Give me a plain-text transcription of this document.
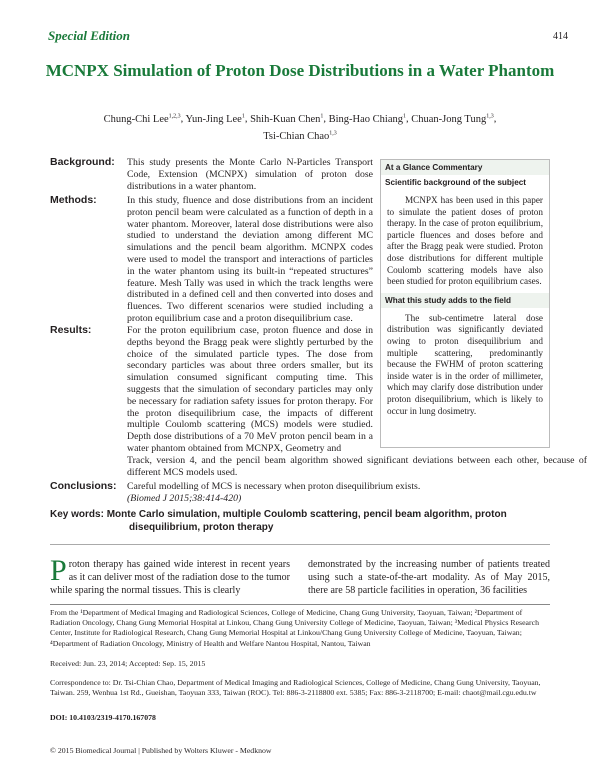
Special Edition	414
MCNPX Simulation of Proton Dose Distributions in a Water Phantom
Chung-Chi Lee$^{1,2,3}$, Yun-Jing Lee$^1$, Shih-Kuan Chen$^1$, Bing-Hao Chiang$^1$, Chuan-Jong Tung$^{1,3}$,
Tsi-Chian Chao$^{1,3}$
Background:
Methods:
Results:
Conclusions:
This study presents the Monte Carlo N-Particles Transport Code, Extension (MCNPX) simulation of proton dose distributions in a water phantom.
In this study, fluence and dose distributions from an incident proton pencil beam were calculated as a function of depth in a water phantom. Moreover, lateral dose distributions were also studied to understand the deviation among different MC simulations and the pencil beam algorithm. MCNPX codes were used to model the transport and interactions of particles in the water phantom using its built-in “repeated structures” feature. Mesh Tally was used in which the track lengths were distributed in a defined cell and then converted into doses and fluences. Two different scenarios were studied including a proton equilibrium case and a proton disequilibrium case.
For the proton equilibrium case, proton fluence and dose in depths beyond the Bragg peak were slightly perturbed by the choice of the simulated particle types. The dose from secondary particles was about three orders smaller, but its simulation consumed significant computing time. This suggests that the simulation of secondary particles may only be necessary for radiation safety issues for proton therapy. For the proton disequilibrium case, the impacts of different multiple Coulomb scattering (MCS) models were studied. Depth dose distributions of a 70 MeV proton pencil beam in a water phantom obtained from MCNPX, Geometry and
Track, version 4, and the pencil beam algorithm showed significant deviations between each other, because of different MCS models used.
Careful modelling of MCS is necessary when proton disequilibrium exists.
(Biomed J 2015;38:414-420)
At a Glance Commentary
Scientific background of the subject
MCNPX has been used in this paper to simulate the patient doses of proton therapy. In the case of proton equilibrium, particle fluences and doses before and after the Bragg peak were studied. Proton dose distributions for different multiple Coulomb scattering models have also been studied for proton equilibrium cases.
What this study adds to the field
The sub-centimetre lateral dose distribution was significantly deviated owing to proton disequilibrium and multiple scattering, predominantly because the FWHM of proton scattering inside water is in the order of millimeter, which may clarify dose distribution under proton disequilibrium, which is likely to occur in lung dosimetry.
Key words: Monte Carlo simulation, multiple Coulomb scattering, pencil beam algorithm, proton
disequilibrium, proton therapy
Proton therapy has gained wide interest in recent years as it can deliver most of the radiation dose to the tumor while sparing the normal tissues. This is clearly
demonstrated by the increasing number of patients treated using such a state-of-the-art modality. As of May 2015, there are 58 particle facilities in operation, 36 facilities
From the ¹Department of Medical Imaging and Radiological Sciences, College of Medicine, Chang Gung University, Taoyuan, Taiwan; ²Department of Radiation Oncology, Chang Gung Memorial Hospital at Linkou, Chang Gung University College of Medicine, Taoyuan, Taiwan; ³Medical Physics Research Center, Institute for Radiological Research, Chang Gung Memorial Hospital at Linkou/Chang Gung University College of Medicine, Taoyuan, Taiwan; ⁴Department of Radiation Oncology, Ministry of Health and Welfare Nantou Hospital, Nantou, Taiwan
Received: Jun. 23, 2014; Accepted: Sep. 15, 2015
Correspondence to: Dr. Tsi-Chian Chao, Department of Medical Imaging and Radiological Sciences, College of Medicine, Chang Gung University, Taoyuan, Taiwan. 259, Wenhua 1st Rd., Gueishan, Taoyuan 333, Taiwan (ROC). Tel: 886-3-2118800 ext. 5385; Fax: 886-3-2118700; E-mail: chaot@mail.cgu.edu.tw
DOI: 10.4103/2319-4170.167078
© 2015 Biomedical Journal | Published by Wolters Kluwer - Medknow
